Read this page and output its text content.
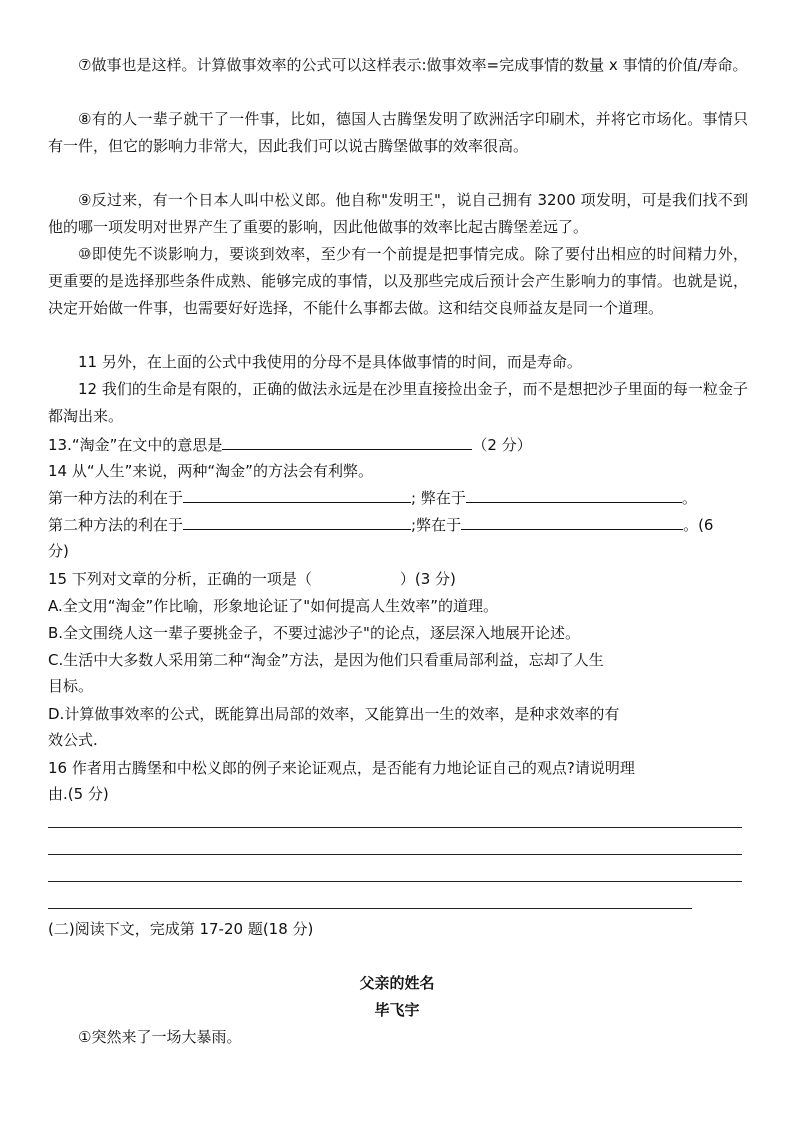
⑦做事也是这样。计算做事效率的公式可以这样表示:做事效率=完成事情的数量 x 事情的价值/寿命。
⑧有的人一辈子就干了一件事，比如，德国人古腾堡发明了欧洲活字印刷术，并将它市场化。事情只有一件，但它的影响力非常大，因此我们可以说古腾堡做事的效率很高。
⑨反过来，有一个日本人叫中松义郎。他自称"发明王"，说自己拥有 3200 项发明，可是我们找不到他的哪一项发明对世界产生了重要的影响，因此他做事的效率比起古腾堡差远了。
⑩即使先不谈影响力，要谈到效率，至少有一个前提是把事情完成。除了要付出相应的时间精力外，更重要的是选择那些条件成熟、能够完成的事情，以及那些完成后预计会产生影响力的事情。也就是说，决定开始做一件事，也需要好好选择，不能什么事都去做。这和结交良师益友是同一个道理。
11 另外，在上面的公式中我使用的分母不是具体做事情的时间，而是寿命。
12 我们的生命是有限的，正确的做法永远是在沙里直接捡出金子，而不是想把沙子里面的每一粒金子都淘出来。
13.“淘金”在文中的意思是	（2 分）
14 从“人生”来说，两种“淘金”的方法会有利弊。
第一种方法的利在于	; 弊在于	。
第二种方法的利在于	;弊在于	。(6
分)
15 下列对文章的分析，正确的一项是（	）(3 分)
A.全文用“淘金”作比喻，形象地论证了"如何提高人生效率”的道理。
B.全文围绕人这一辈子要挑金子，不要过滤沙子"的论点，逐层深入地展开论述。
C.生活中大多数人采用第二种“淘金”方法，是因为他们只看重局部利益，忘却了人生
目标。
D.计算做事效率的公式，既能算出局部的效率，又能算出一生的效率，是种求效率的有
效公式.
16 作者用古腾堡和中松义郎的例子来论证观点，是否能有力地论证自己的观点?请说明理
由.(5 分)
(二)阅读下文，完成第 17-20 题(18 分)
父亲的姓名
毕飞宇
①突然来了一场大暴雨。
